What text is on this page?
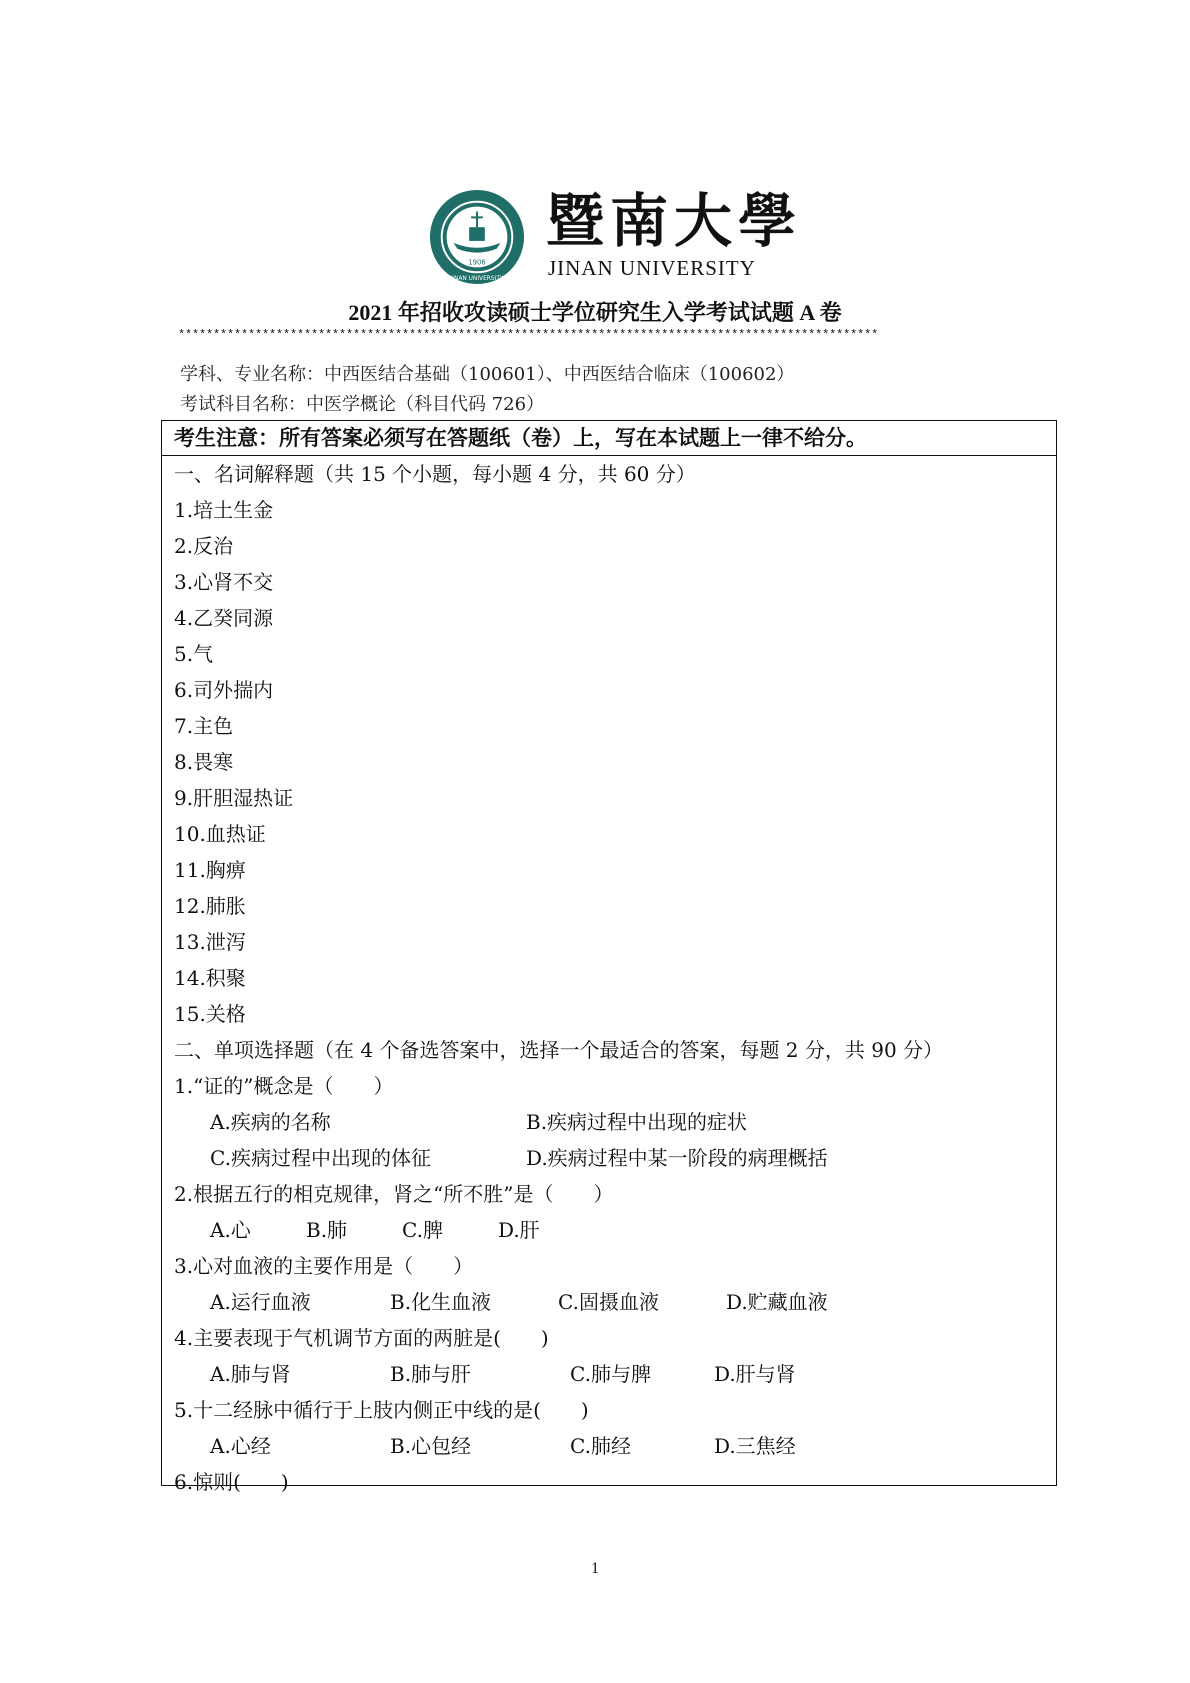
1906
JINAN UNIVERSITY
暨南大學
JINAN UNIVERSITY
2021 年招收攻读硕士学位研究生入学考试试题 A 卷
****************************************************************************************************
学科、专业名称：中西医结合基础（100601）、中西医结合临床（100602）
考试科目名称：中医学概论（科目代码 726）
考生注意：所有答案必须写在答题纸（卷）上，写在本试题上一律不给分。
一、名词解释题（共 15 个小题，每小题 4 分，共 60 分）
1.培土生金
2.反治
3.心肾不交
4.乙癸同源
5.气
6.司外揣内
7.主色
8.畏寒
9.肝胆湿热证
10.血热证
11.胸痹
12.肺胀
13.泄泻
14.积聚
15.关格
二、单项选择题（在 4 个备选答案中，选择一个最适合的答案，每题 2 分，共 90 分）
1.“证的”概念是（　　）
A.疾病的名称	B.疾病过程中出现的症状
C.疾病过程中出现的体征	D.疾病过程中某一阶段的病理概括
2.根据五行的相克规律，肾之“所不胜”是（　　）
A.心	B.肺	C.脾	D.肝
3.心对血液的主要作用是（　　）
A.运行血液	B.化生血液	C.固摄血液	D.贮藏血液
4.主要表现于气机调节方面的两脏是(　　)
A.肺与肾	B.肺与肝	C.肺与脾	D.肝与肾
5.十二经脉中循行于上肢内侧正中线的是(　　)
A.心经	B.心包经	C.肺经	D.三焦经
6.惊则(　　)
1
